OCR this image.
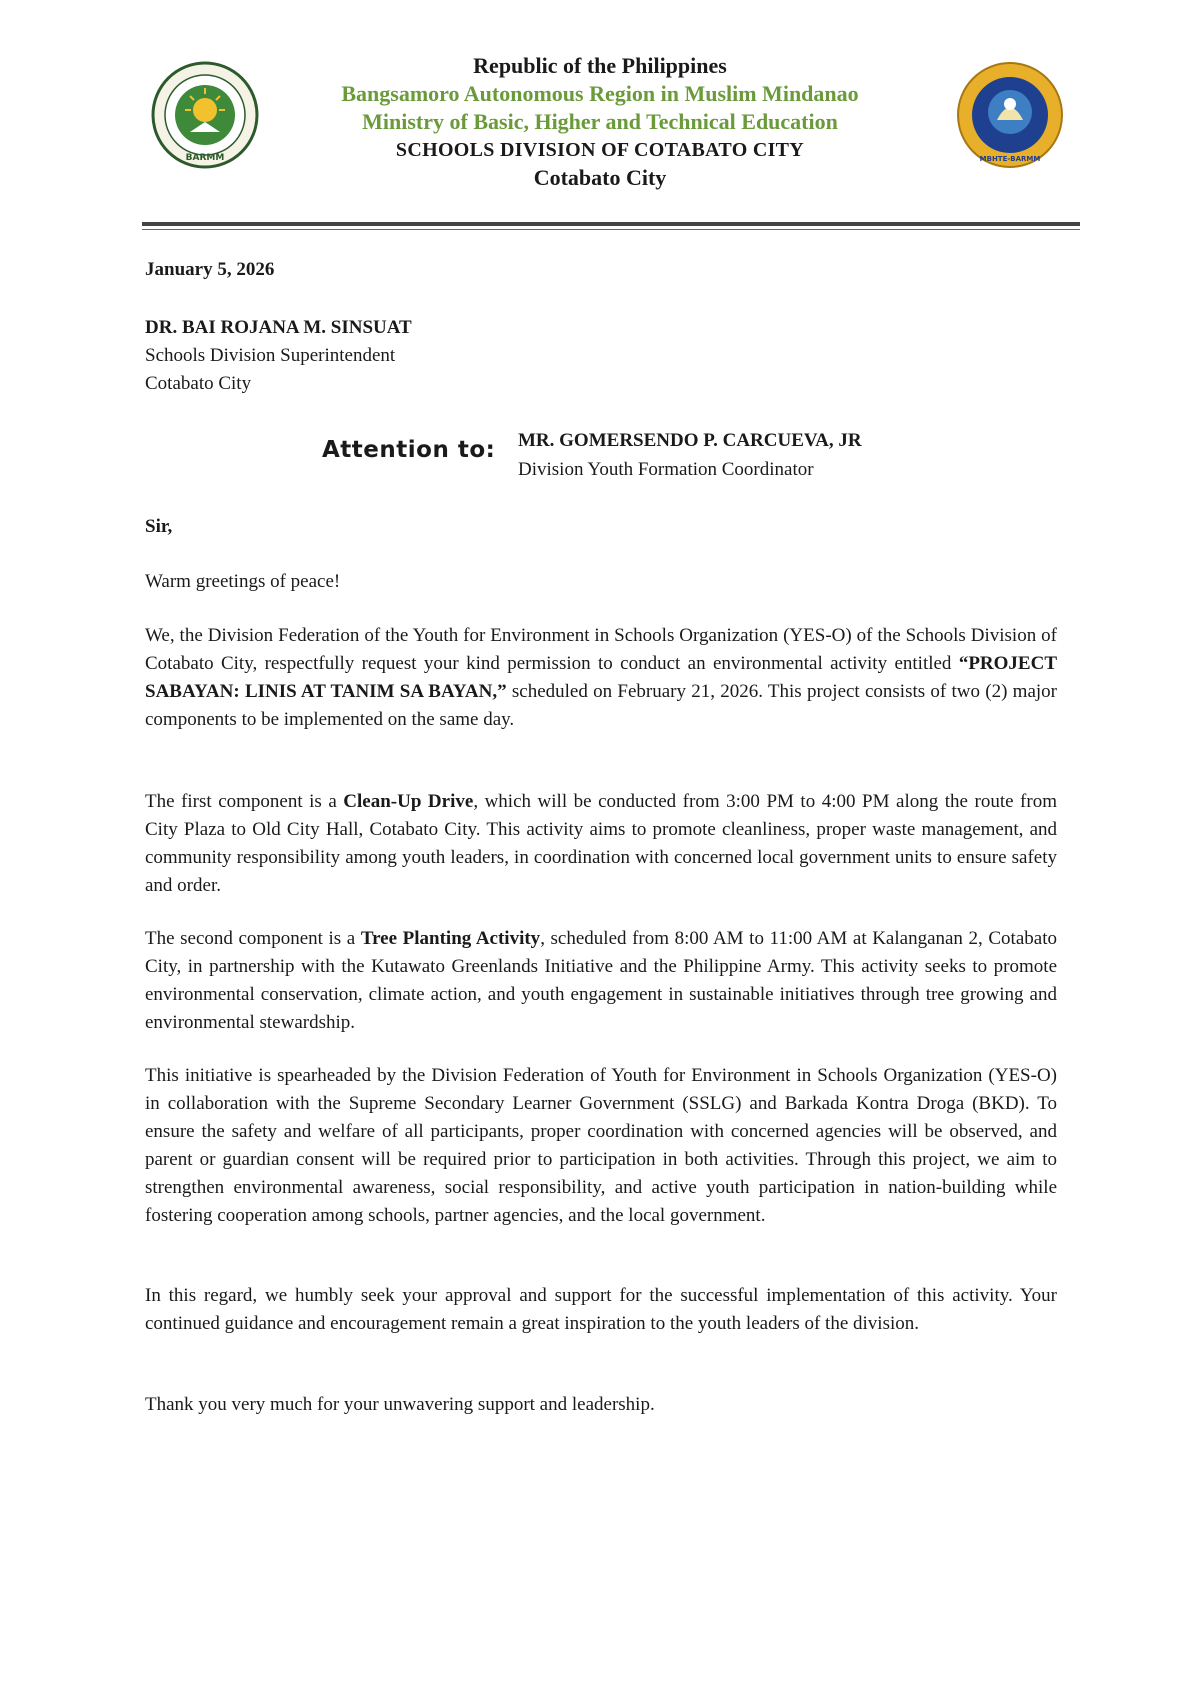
BARMM	MBHTE-BARMM
Republic of the Philippines
Bangsamoro Autonomous Region in Muslim Mindanao
Ministry of Basic, Higher and Technical Education
SCHOOLS DIVISION OF COTABATO CITY
Cotabato City
January 5, 2026
DR. BAI ROJANA M. SINSUAT
Schools Division Superintendent
Cotabato City
Attention to: MR. GOMERSENDO P. CARCUEVA, JR
Division Youth Formation Coordinator
Sir,
Warm greetings of peace!

We, the Division Federation of the Youth for Environment in Schools Organization (YES-O) of the Schools Division of Cotabato City, respectfully request your kind permission to conduct an environmental activity entitled “PROJECT SABAYAN: LINIS AT TANIM SA BAYAN,” scheduled on February 21, 2026. This project consists of two (2) major components to be implemented on the same day.

The first component is a Clean-Up Drive, which will be conducted from 3:00 PM to 4:00 PM along the route from City Plaza to Old City Hall, Cotabato City. This activity aims to promote cleanliness, proper waste management, and community responsibility among youth leaders, in coordination with concerned local government units to ensure safety and order.

The second component is a Tree Planting Activity, scheduled from 8:00 AM to 11:00 AM at Kalanganan 2, Cotabato City, in partnership with the Kutawato Greenlands Initiative and the Philippine Army. This activity seeks to promote environmental conservation, climate action, and youth engagement in sustainable initiatives through tree growing and environmental stewardship.

This initiative is spearheaded by the Division Federation of Youth for Environment in Schools Organization (YES-O) in collaboration with the Supreme Secondary Learner Government (SSLG) and Barkada Kontra Droga (BKD). To ensure the safety and welfare of all participants, proper coordination with concerned agencies will be observed, and parent or guardian consent will be required prior to participation in both activities. Through this project, we aim to strengthen environmental awareness, social responsibility, and active youth participation in nation-building while fostering cooperation among schools, partner agencies, and the local government.

In this regard, we humbly seek your approval and support for the successful implementation of this activity. Your continued guidance and encouragement remain a great inspiration to the youth leaders of the division.

Thank you very much for your unwavering support and leadership.
